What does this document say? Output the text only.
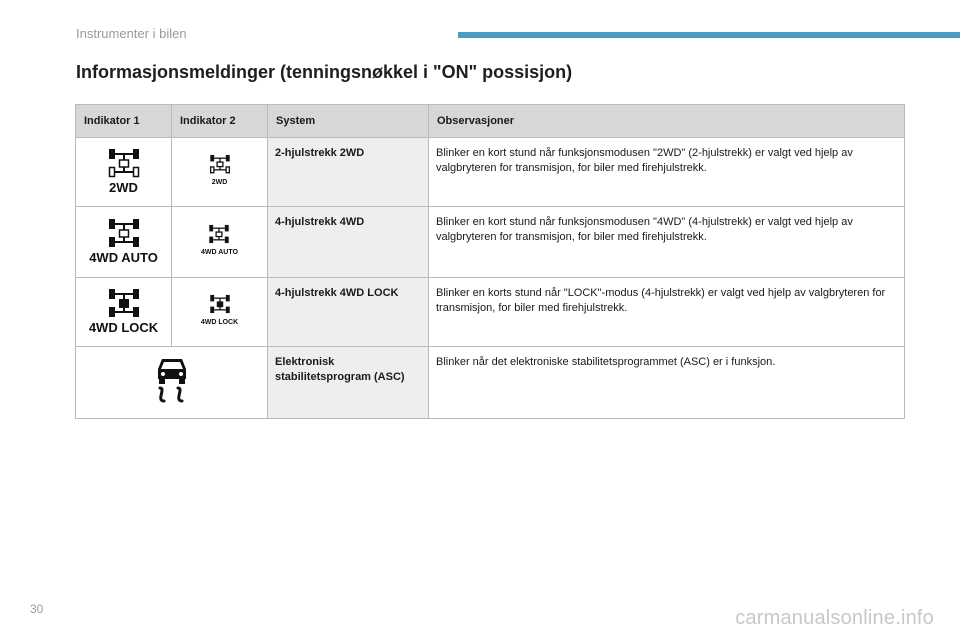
Instrumenter i bilen
Informasjonsmeldinger (tenningsnøkkel i "ON" possisjon)
Indikator 1	Indikator 2	System	Observasjoner

2WD	2WD	2-hjulstrekk 2WD	Blinker en kort stund når funksjonsmodusen "2WD" (2-hjulstrekk) er valgt ved hjelp av valgbryteren for transmisjon, for biler med firehjulstrekk.

4WD AUTO	4WD AUTO	4-hjulstrekk 4WD	Blinker en kort stund når funksjonsmodusen "4WD" (4-hjulstrekk) er valgt ved hjelp av valgbryteren for transmisjon, for biler med firehjulstrekk.

4WD LOCK	4WD LOCK	4-hjulstrekk 4WD LOCK	Blinker en korts stund når "LOCK"-modus (4-hjulstrekk) er valgt ved hjelp av valgbryteren for transmisjon, for biler med firehjulstrekk.

	Elektronisk stabilitetsprogram (ASC)	Blinker når det elektroniske stabilitetsprogrammet (ASC) er i funksjon.
30	carmanualsonline.info
